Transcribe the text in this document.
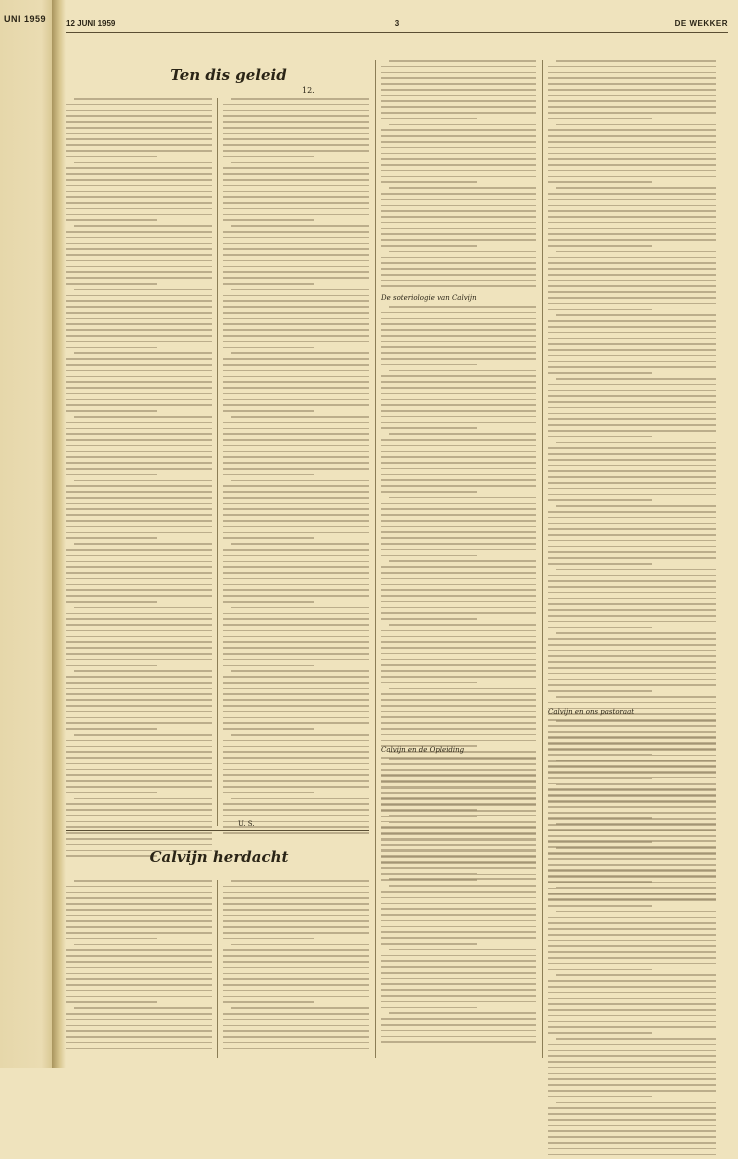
UNI 1959 12 JUNI 1959	3	DE WEKKER
Ten dis geleid
12.
U. S.
Calvijn herdacht
De soteriologie van Calvijn
Calvijn en de Opleiding
Calvijn en ons pastoraat
